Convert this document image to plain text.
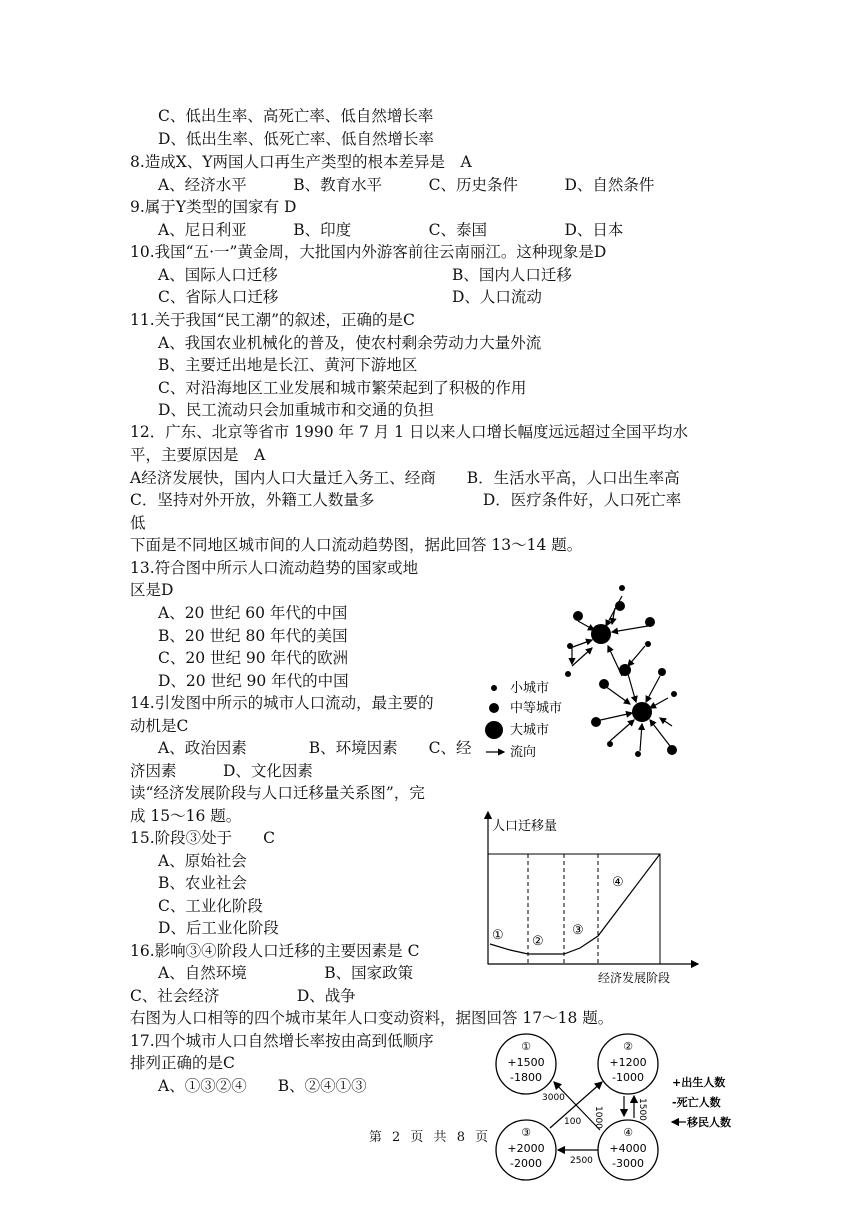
C、低出生率、高死亡率、低自然增长率
D、低出生率、低死亡率、低自然增长率
8.造成X、Y两国人口再生产类型的根本差异是　A
A、经济水平　　　B、教育水平　　　C、历史条件　　　D、自然条件
9.属于Y类型的国家有 D
A、尼日利亚　　　B、印度　　　　　C、泰国　　　　　D、日本
10.我国“五·一”黄金周，大批国内外游客前往云南丽江。这种现象是D
A、国际人口迁移	B、国内人口迁移
C、省际人口迁移	D、人口流动
11.关于我国“民工潮”的叙述，正确的是C
A、我国农业机械化的普及，使农村剩余劳动力大量外流
B、主要迁出地是长江、黄河下游地区
C、对沿海地区工业发展和城市繁荣起到了积极的作用
D、民工流动只会加重城市和交通的负担
12．广东、北京等省市 1990 年 7 月 1 日以来人口增长幅度远远超过全国平均水
平，主要原因是　A
A经济发展快，国内人口大量迁入务工、经商　　B．生活水平高，人口出生率高
C．坚持对外开放，外籍工人数量多　　　　　　　D．医疗条件好，人口死亡率
低
下面是不同地区城市间的人口流动趋势图，据此回答 13～14 题。
13.符合图中所示人口流动趋势的国家或地
区是D
A、20 世纪 60 年代的中国
B、20 世纪 80 年代的美国
C、20 世纪 90 年代的欧洲
D、20 世纪 90 年代的中国
14.引发图中所示的城市人口流动，最主要的
动机是C
A、政治因素　　　　B、环境因素　　C、经
济因素　　　D、文化因素
读“经济发展阶段与人口迁移量关系图”，完
成 15～16 题。
15.阶段③处于　　C
A、原始社会
B、农业社会
C、工业化阶段
D、后工业化阶段
16.影响③④阶段人口迁移的主要因素是 C
A、自然环境　　　　　B、国家政策
C、社会经济　　　　　D、战争
右图为人口相等的四个城市某年人口变动资料，据图回答 17～18 题。
17.四个城市人口自然增长率按由高到低顺序
排列正确的是C
A、①③②④　　B、②④①③
小城市
中等城市
大城市
流向
人口迁移量
① ②
③
④
经济发展阶段
①
+1500
-1800
②
+1200
-1000
③
+2000
-2000
④
+4000
-3000
3000
1000	1500
100
2500
+出生人数
-死亡人数
移民人数
第 2 页 共 8 页
